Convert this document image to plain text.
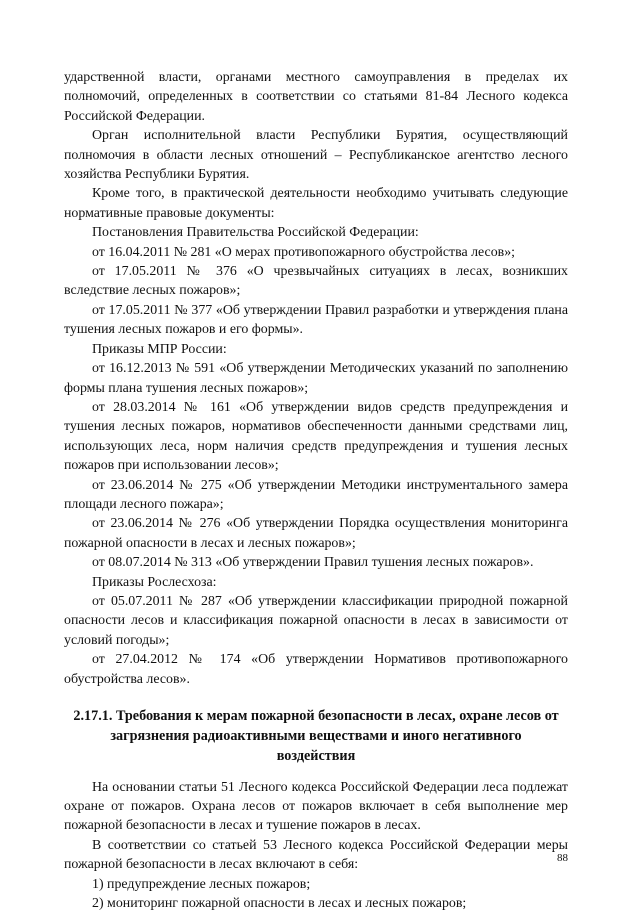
ударственной власти, органами местного самоуправления в пределах их полномочий, определенных в соответствии со статьями 81-84 Лесного кодекса Российской Федерации.

Орган исполнительной власти Республики Бурятия, осуществляющий полномочия в области лесных отношений – Республиканское агентство лесного хозяйства Республики Бурятия.

Кроме того, в практической деятельности необходимо учитывать следующие нормативные правовые документы:

Постановления Правительства Российской Федерации:

от 16.04.2011 № 281 «О мерах противопожарного обустройства лесов»;

от 17.05.2011 № 376 «О чрезвычайных ситуациях в лесах, возникших вследствие лесных пожаров»;

от 17.05.2011 № 377 «Об утверждении Правил разработки и утверждения плана тушения лесных пожаров и его формы».

Приказы МПР России:

от 16.12.2013 № 591 «Об утверждении Методических указаний по заполнению формы плана тушения лесных пожаров»;

от 28.03.2014 № 161 «Об утверждении видов средств предупреждения и тушения лесных пожаров, нормативов обеспеченности данными средствами лиц, использующих леса, норм наличия средств предупреждения и тушения лесных пожаров при использовании лесов»;

от 23.06.2014 № 275 «Об утверждении Методики инструментального замера площади лесного пожара»;

от 23.06.2014 № 276 «Об утверждении Порядка осуществления мониторинга пожарной опасности в лесах и лесных пожаров»;

от 08.07.2014 № 313 «Об утверждении Правил тушения лесных пожаров».

Приказы Рослесхоза:

от 05.07.2011 № 287 «Об утверждении классификации природной пожарной опасности лесов и классификация пожарной опасности в лесах в зависимости от условий погоды»;

от 27.04.2012 № 174 «Об утверждении Нормативов противопожарного обустройства лесов».

2.17.1. Требования к мерам пожарной безопасности в лесах, охране лесов от загрязнения радиоактивными веществами и иного негативного воздействия

На основании статьи 51 Лесного кодекса Российской Федерации леса подлежат охране от пожаров. Охрана лесов от пожаров включает в себя выполнение мер пожарной безопасности в лесах и тушение пожаров в лесах.

В соответствии со статьей 53 Лесного кодекса Российской Федерации меры пожарной безопасности в лесах включают в себя:

1) предупреждение лесных пожаров;

2) мониторинг пожарной опасности в лесах и лесных пожаров;

88
